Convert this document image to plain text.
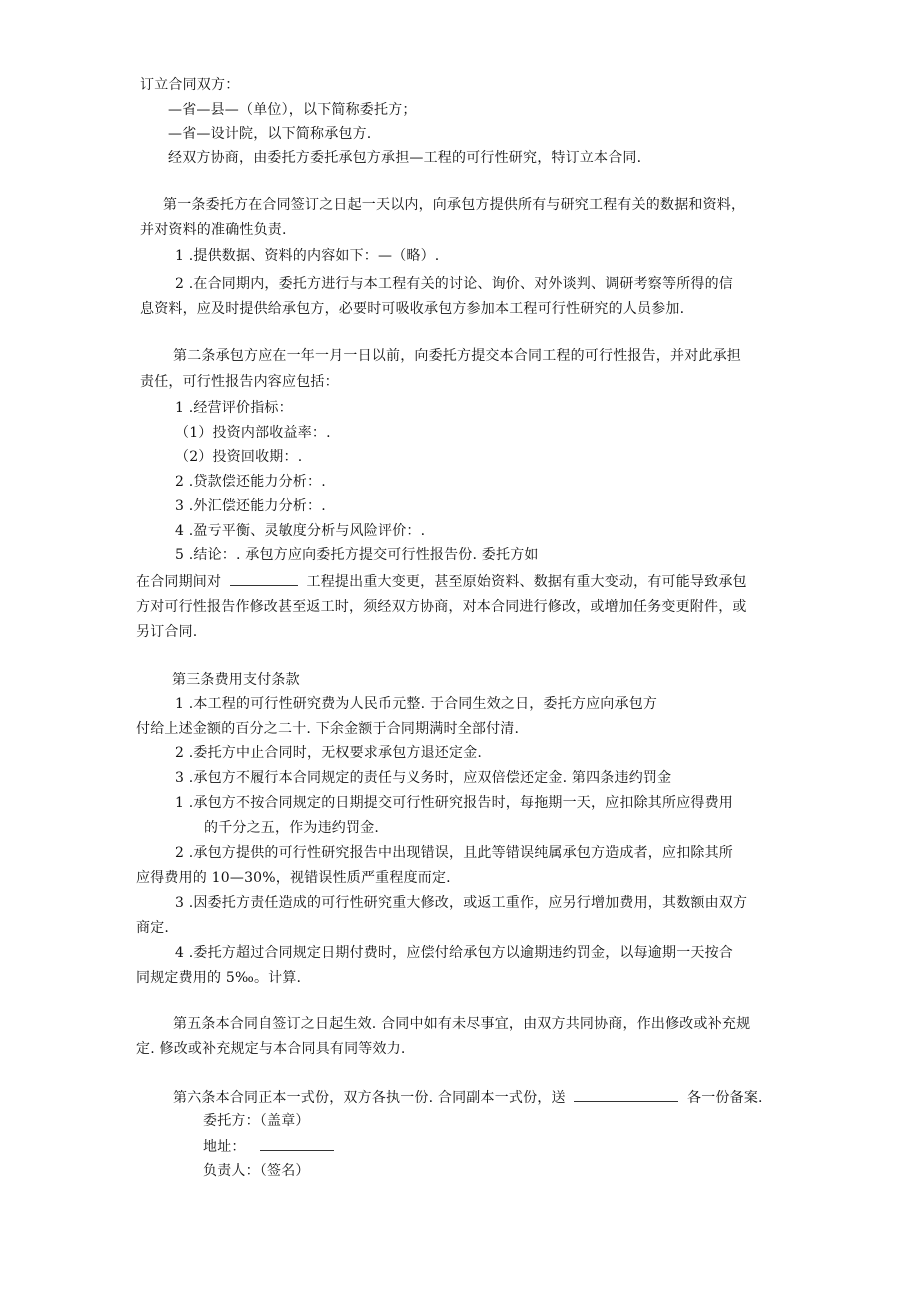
订立合同双方：
—省—县—（单位），以下简称委托方；
—省—设计院，以下简称承包方.
经双方协商，由委托方委托承包方承担—工程的可行性研究，特订立本合同.
第一条委托方在合同签订之日起一天以内，向承包方提供所有与研究工程有关的数据和资料，
并对资料的准确性负责.
1 .提供数据、资料的内容如下：—（略）.
2 .在合同期内，委托方进行与本工程有关的讨论、询价、对外谈判、调研考察等所得的信
息资料，应及时提供给承包方，必要时可吸收承包方参加本工程可行性研究的人员参加.
第二条承包方应在一年一月一日以前，向委托方提交本合同工程的可行性报告，并对此承担
责任，可行性报告内容应包括：
1 .经营评价指标：
（1）投资内部收益率：.
（2）投资回收期：.
2 .贷款偿还能力分析：.
3 .外汇偿还能力分析：.
4 .盈亏平衡、灵敏度分析与风险评价：.
5 .结论：. 承包方应向委托方提交可行性报告份. 委托方如
在合同期间对	工程提出重大变更，甚至原始资料、数据有重大变动，有可能导致承包
方对可行性报告作修改甚至返工时，须经双方协商，对本合同进行修改，或增加任务变更附件，或
另订合同.
第三条费用支付条款
1 .本工程的可行性研究费为人民币元整. 于合同生效之日，委托方应向承包方
付给上述金额的百分之二十. 下余金额于合同期满时全部付清.
2 .委托方中止合同时，无权要求承包方退还定金.
3 .承包方不履行本合同规定的责任与义务时，应双倍偿还定金. 第四条违约罚金
1 .承包方不按合同规定的日期提交可行性研究报告时，每拖期一天，应扣除其所应得费用
的千分之五，作为违约罚金.
2 .承包方提供的可行性研究报告中出现错误，且此等错误纯属承包方造成者，应扣除其所
应得费用的 10—30%，视错误性质严重程度而定.
3 .因委托方责任造成的可行性研究重大修改，或返工重作，应另行增加费用，其数额由双方
商定.
4 .委托方超过合同规定日期付费时，应偿付给承包方以逾期违约罚金，以每逾期一天按合
同规定费用的 5‰。计算.
第五条本合同自签订之日起生效. 合同中如有未尽事宜，由双方共同协商，作出修改或补充规
定. 修改或补充规定与本合同具有同等效力.
第六条本合同正本一式份，双方各执一份. 合同副本一式份，送	各一份备案.
委托方：（盖章）
地址：
负责人：（签名）
